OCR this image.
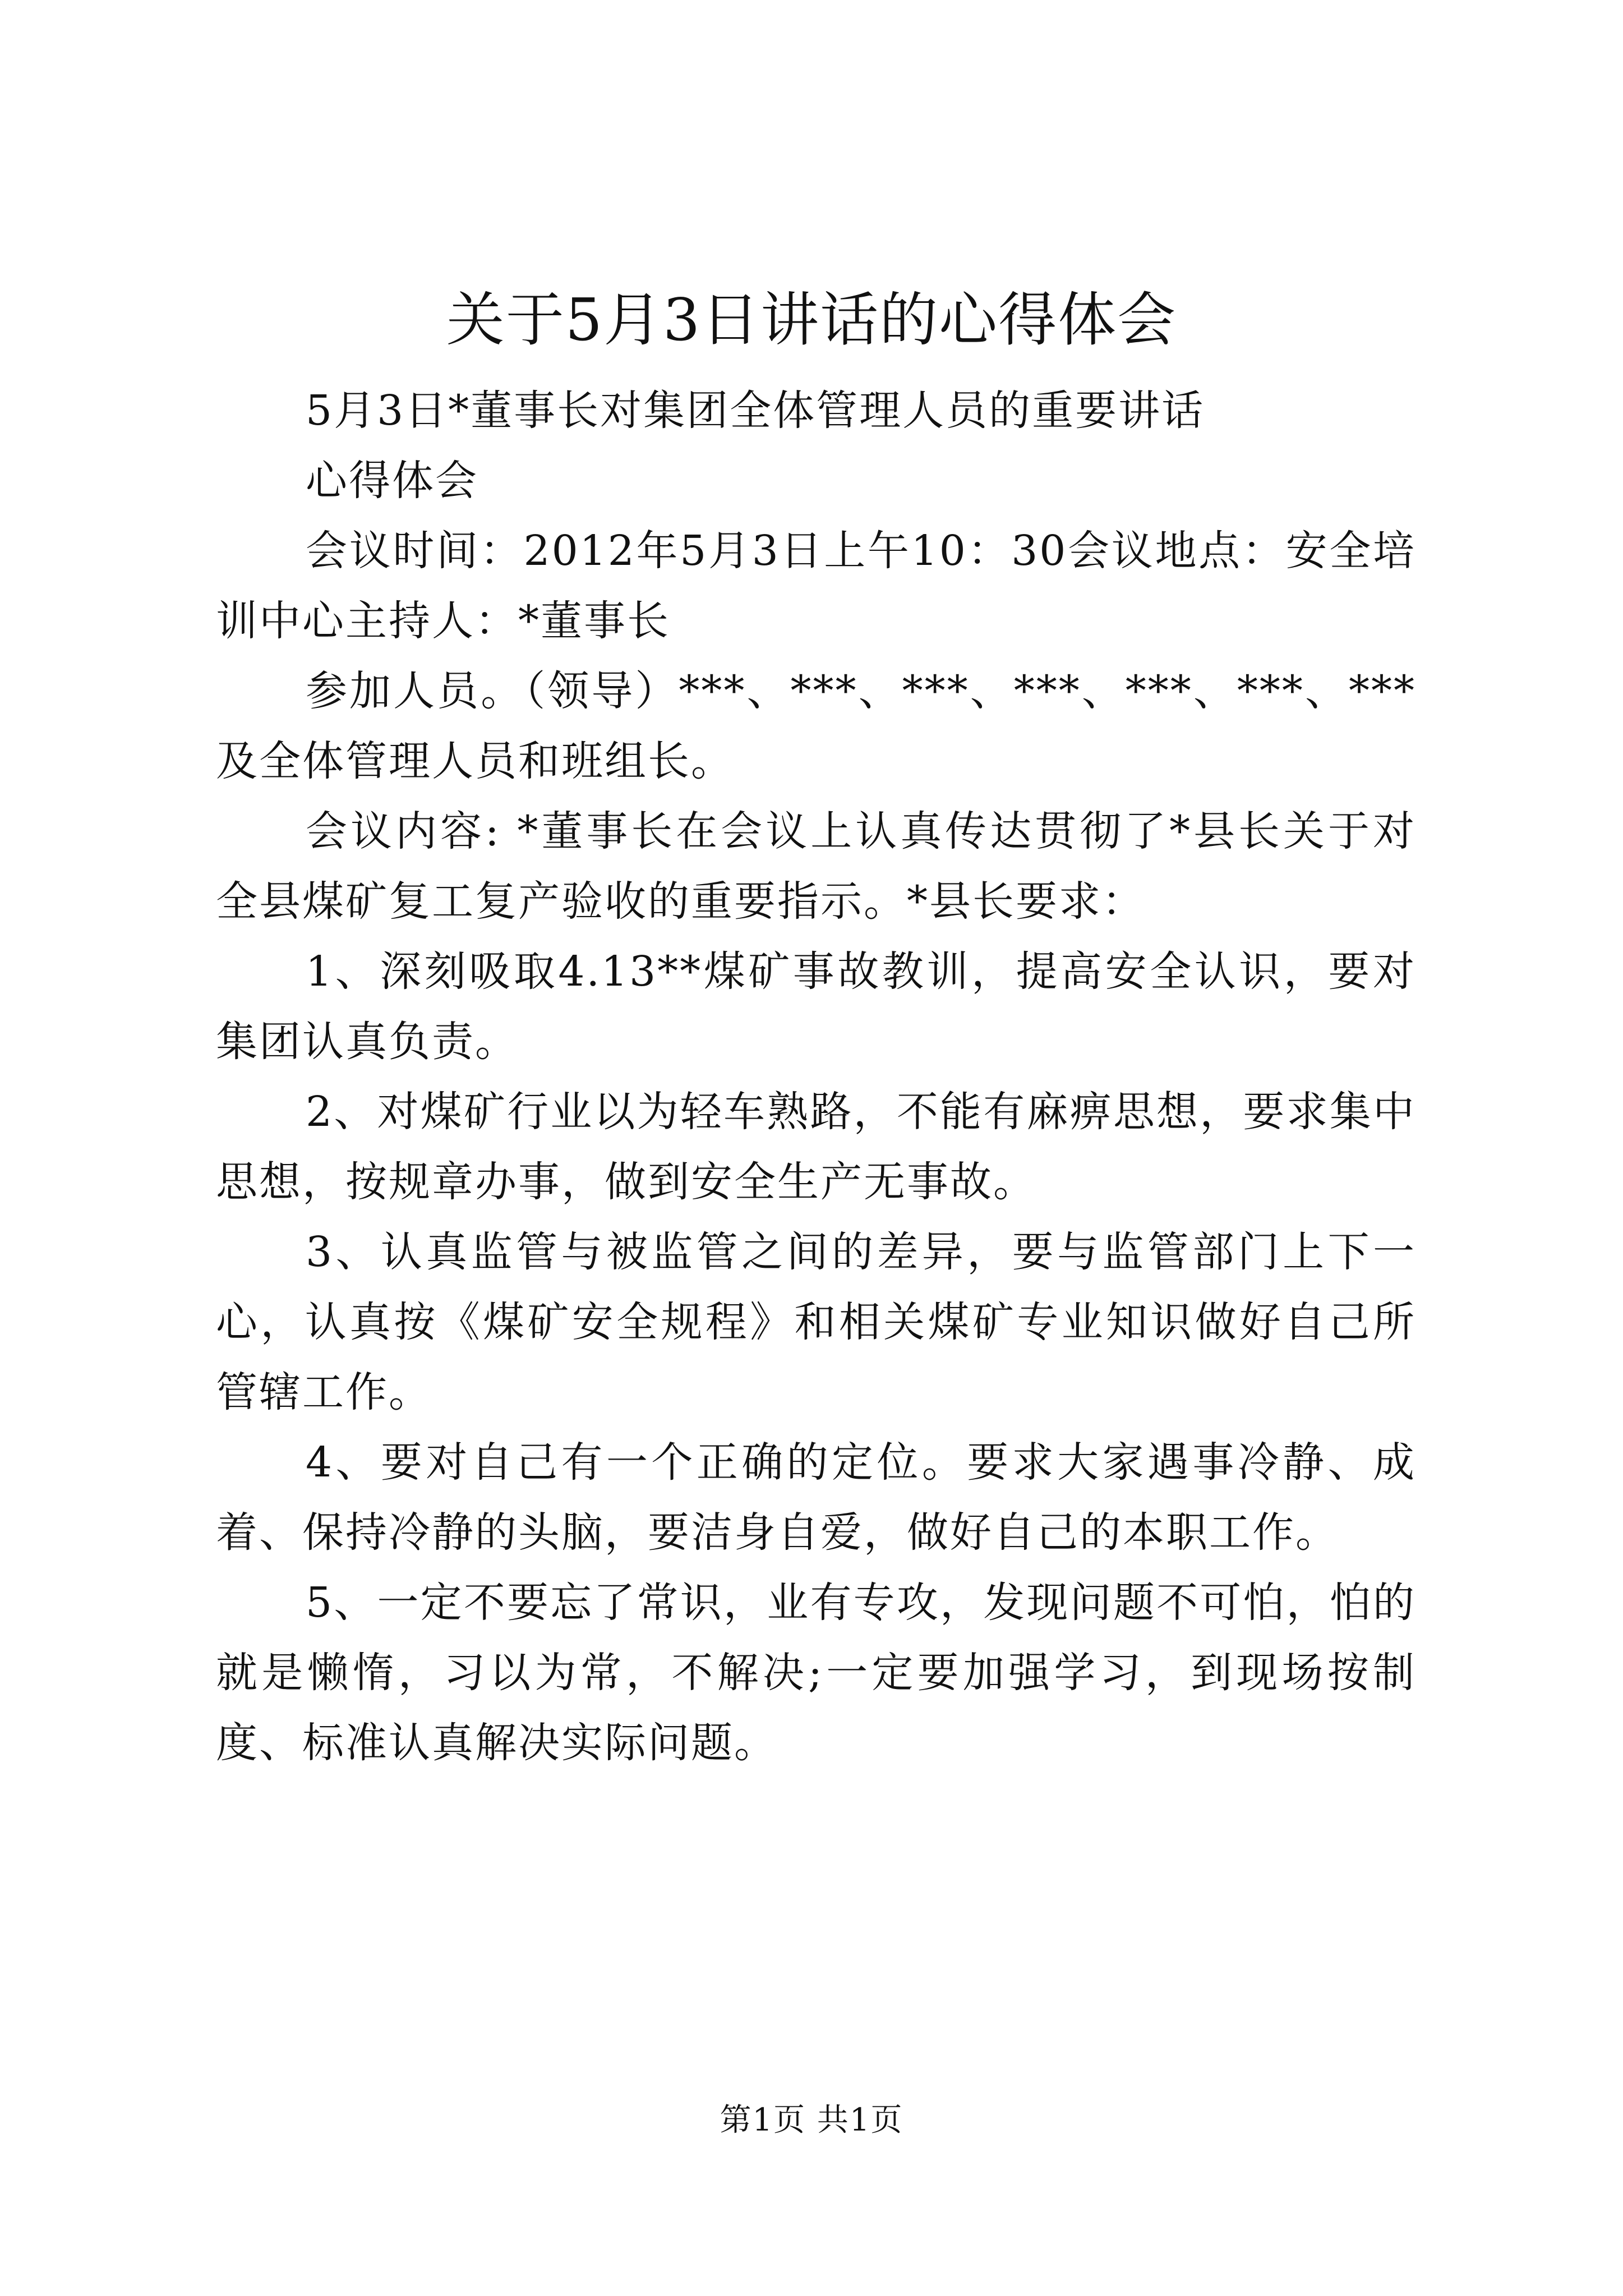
关于5月3日讲话的心得体会

5月3日*董事长对集团全体管理人员的重要讲话

心得体会

会议时间：2012年5月3日上午10：30会议地点：安全培训中心主持人：*董事长

参加人员。（领导）***、***、***、***、***、***、***及全体管理人员和班组长。

会议内容: *董事长在会议上认真传达贯彻了*县长关于对全县煤矿复工复产验收的重要指示。*县长要求：

1、深刻吸取4.13**煤矿事故教训，提高安全认识，要对集团认真负责。

2、对煤矿行业以为轻车熟路，不能有麻痹思想，要求集中思想，按规章办事，做到安全生产无事故。

3、认真监管与被监管之间的差异，要与监管部门上下一心，认真按《煤矿安全规程》和相关煤矿专业知识做好自己所管辖工作。

4、要对自己有一个正确的定位。要求大家遇事冷静、成着、保持冷静的头脑，要洁身自爱，做好自己的本职工作。

5、一定不要忘了常识，业有专攻，发现问题不可怕，怕的就是懒惰，习以为常，不解决;一定要加强学习，到现场按制度、标准认真解决实际问题。

第1页 共1页
